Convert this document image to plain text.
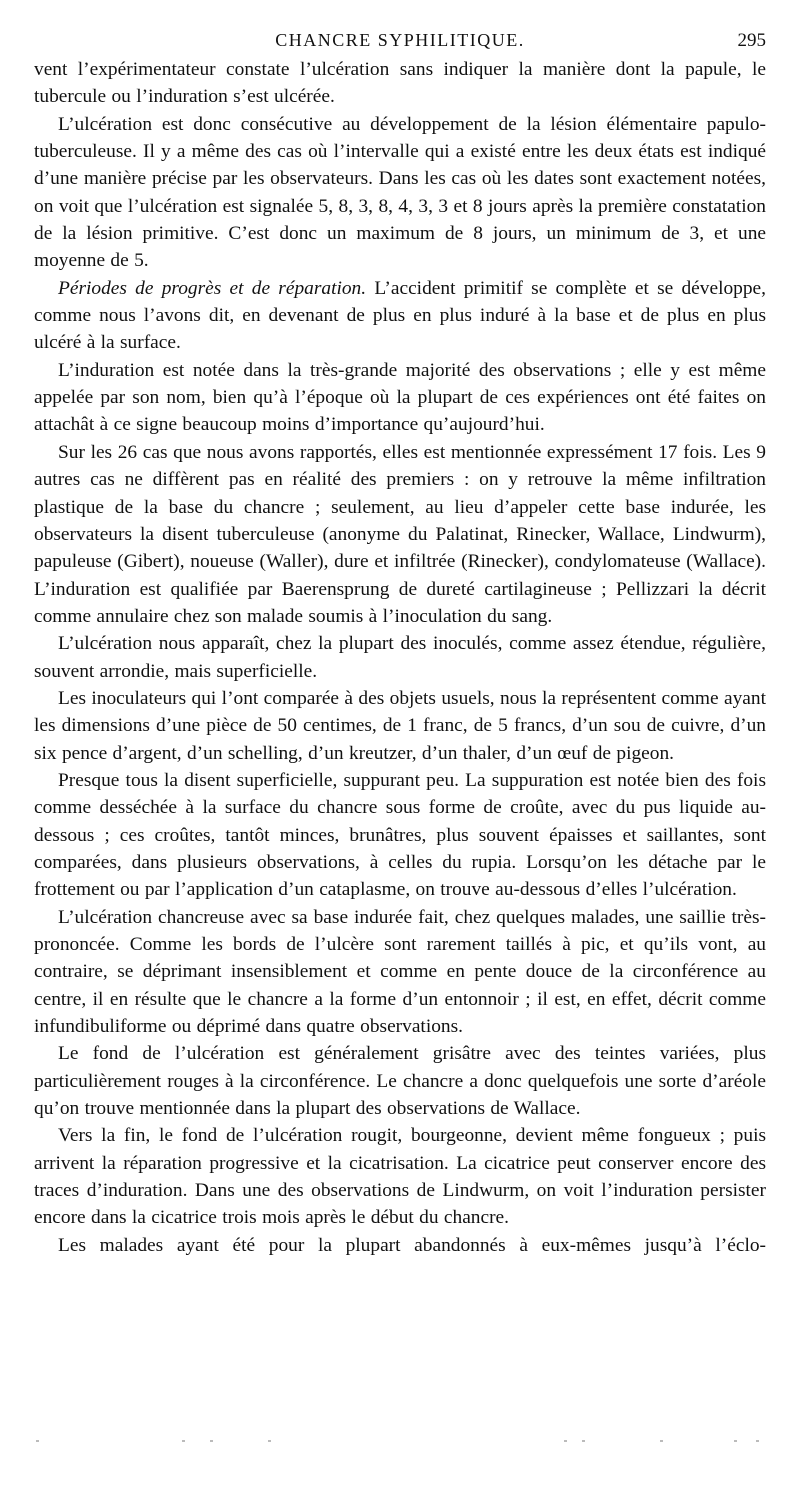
CHANCRE SYPHILITIQUE.	295

vent l’expérimentateur constate l’ulcération sans indiquer la manière dont la papule, le tubercule ou l’induration s’est ulcérée.

L’ulcération est donc consécutive au développement de la lésion élémentaire papulo-tuberculeuse. Il y a même des cas où l’intervalle qui a existé entre les deux états est indiqué d’une manière précise par les observateurs. Dans les cas où les dates sont exactement notées, on voit que l’ulcération est signalée 5, 8, 3, 8, 4, 3, 3 et 8 jours après la première constatation de la lésion primitive. C’est donc un maximum de 8 jours, un minimum de 3, et une moyenne de 5.

Périodes de progrès et de réparation. L’accident primitif se complète et se développe, comme nous l’avons dit, en devenant de plus en plus induré à la base et de plus en plus ulcéré à la surface.

L’induration est notée dans la très-grande majorité des observations ; elle y est même appelée par son nom, bien qu’à l’époque où la plupart de ces expériences ont été faites on attachât à ce signe beaucoup moins d’importance qu’aujourd’hui.

Sur les 26 cas que nous avons rapportés, elles est mentionnée expressément 17 fois. Les 9 autres cas ne diffèrent pas en réalité des premiers : on y retrouve la même infiltration plastique de la base du chancre ; seulement, au lieu d’appeler cette base indurée, les observateurs la disent tuberculeuse (anonyme du Palatinat, Rinecker, Wallace, Lindwurm), papuleuse (Gibert), noueuse (Waller), dure et infiltrée (Rinecker), condylomateuse (Wallace). L’induration est qualifiée par Baerensprung de dureté cartilagineuse ; Pellizzari la décrit comme annulaire chez son malade soumis à l’inoculation du sang.

L’ulcération nous apparaît, chez la plupart des inoculés, comme assez étendue, régulière, souvent arrondie, mais superficielle.

Les inoculateurs qui l’ont comparée à des objets usuels, nous la représentent comme ayant les dimensions d’une pièce de 50 centimes, de 1 franc, de 5 francs, d’un sou de cuivre, d’un six pence d’argent, d’un schelling, d’un kreutzer, d’un thaler, d’un œuf de pigeon.

Presque tous la disent superficielle, suppurant peu. La suppuration est notée bien des fois comme desséchée à la surface du chancre sous forme de croûte, avec du pus liquide au-dessous ; ces croûtes, tantôt minces, brunâtres, plus souvent épaisses et saillantes, sont comparées, dans plusieurs observations, à celles du rupia. Lorsqu’on les détache par le frottement ou par l’application d’un cataplasme, on trouve au-dessous d’elles l’ulcération.

L’ulcération chancreuse avec sa base indurée fait, chez quelques malades, une saillie très-prononcée. Comme les bords de l’ulcère sont rarement taillés à pic, et qu’ils vont, au contraire, se déprimant insensiblement et comme en pente douce de la circonférence au centre, il en résulte que le chancre a la forme d’un entonnoir ; il est, en effet, décrit comme infundibuliforme ou déprimé dans quatre observations.

Le fond de l’ulcération est généralement grisâtre avec des teintes variées, plus particulièrement rouges à la circonférence. Le chancre a donc quelquefois une sorte d’aréole qu’on trouve mentionnée dans la plupart des observations de Wallace.

Vers la fin, le fond de l’ulcération rougit, bourgeonne, devient même fongueux ; puis arrivent la réparation progressive et la cicatrisation. La cicatrice peut conserver encore des traces d’induration. Dans une des observations de Lindwurm, on voit l’induration persister encore dans la cicatrice trois mois après le début du chancre.

Les malades ayant été pour la plupart abandonnés à eux-mêmes jusqu’à l’éclo-
